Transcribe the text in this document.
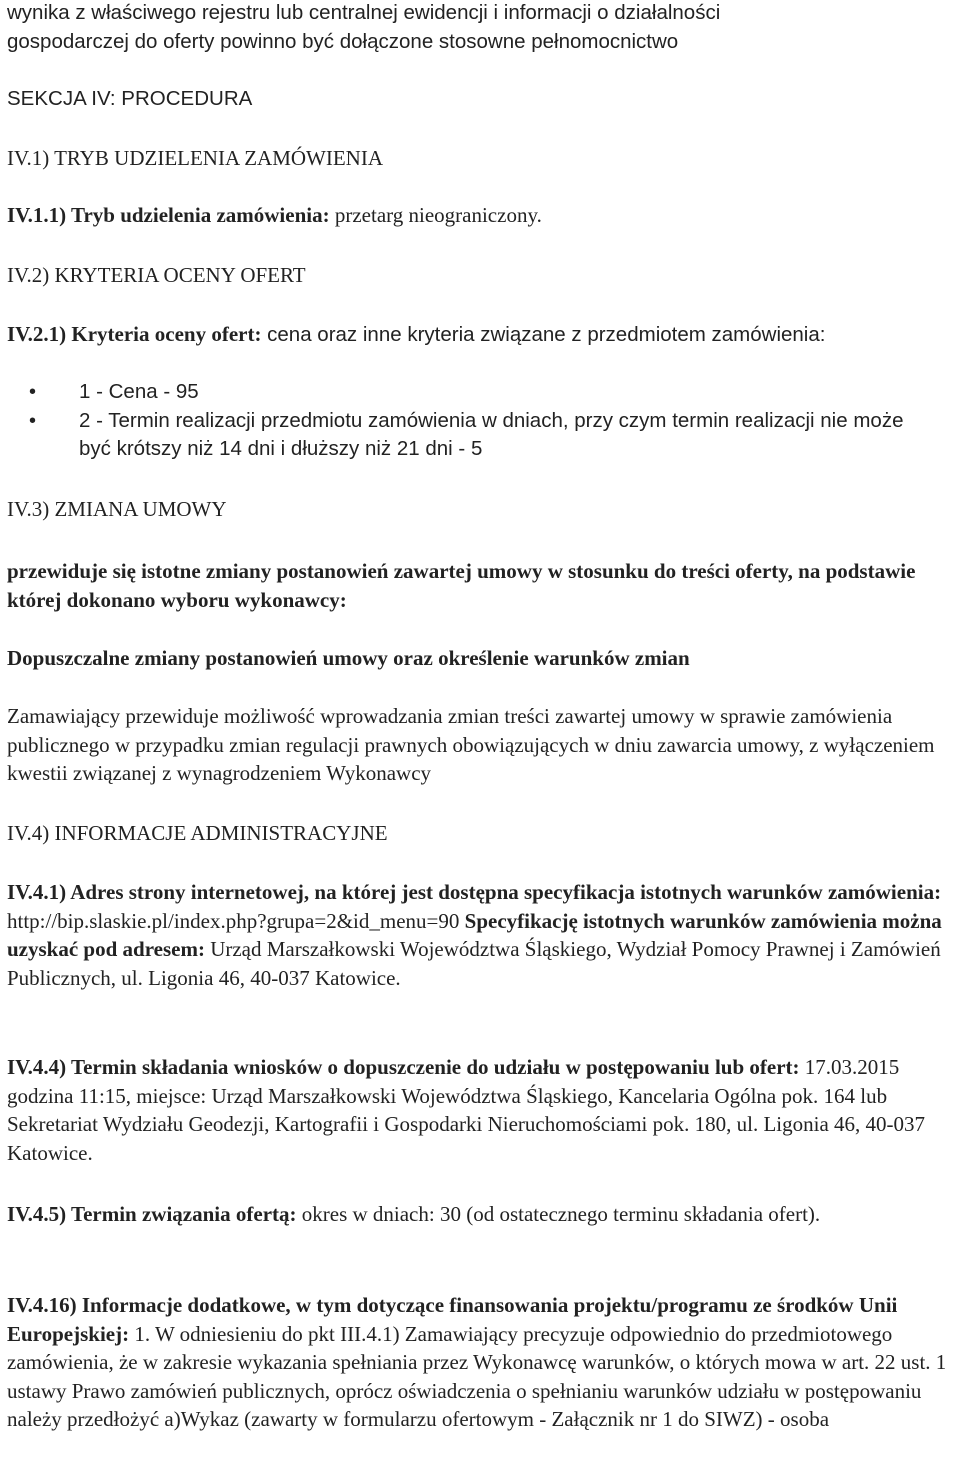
wynika z właściwego rejestru lub centralnej ewidencji i informacji o działalności

gospodarczej do oferty powinno być dołączone stosowne pełnomocnictwo

SEKCJA IV: PROCEDURA

IV.1) TRYB UDZIELENIA ZAMÓWIENIA

IV.1.1) Tryb udzielenia zamówienia: przetarg nieograniczony.

IV.2) KRYTERIA OCENY OFERT

IV.2.1) Kryteria oceny ofert: cena oraz inne kryteria związane z przedmiotem zamówienia:

• 1 - Cena - 95
• 2 - Termin realizacji przedmiotu zamówienia w dniach, przy czym termin realizacji nie może być krótszy niż 14 dni i dłuższy niż 21 dni - 5

IV.3) ZMIANA UMOWY

przewiduje się istotne zmiany postanowień zawartej umowy w stosunku do treści oferty, na podstawie której dokonano wyboru wykonawcy:

Dopuszczalne zmiany postanowień umowy oraz określenie warunków zmian

Zamawiający przewiduje możliwość wprowadzania zmian treści zawartej umowy w sprawie zamówienia publicznego w przypadku zmian regulacji prawnych obowiązujących w dniu zawarcia umowy, z wyłączeniem kwestii związanej z wynagrodzeniem Wykonawcy

IV.4) INFORMACJE ADMINISTRACYJNE

IV.4.1) Adres strony internetowej, na której jest dostępna specyfikacja istotnych warunków zamówienia: http://bip.slaskie.pl/index.php?grupa=2&id_menu=90 Specyfikację istotnych warunków zamówienia można uzyskać pod adresem: Urząd Marszałkowski Województwa Śląskiego, Wydział Pomocy Prawnej i Zamówień Publicznych, ul. Ligonia 46, 40-037 Katowice.

IV.4.4) Termin składania wniosków o dopuszczenie do udziału w postępowaniu lub ofert: 17.03.2015 godzina 11:15, miejsce: Urząd Marszałkowski Województwa Śląskiego, Kancelaria Ogólna pok. 164 lub Sekretariat Wydziału Geodezji, Kartografii i Gospodarki Nieruchomościami pok. 180, ul. Ligonia 46, 40-037 Katowice.

IV.4.5) Termin związania ofertą: okres w dniach: 30 (od ostatecznego terminu składania ofert).

IV.4.16) Informacje dodatkowe, w tym dotyczące finansowania projektu/programu ze środków Unii Europejskiej: 1. W odniesieniu do pkt III.4.1) Zamawiający precyzuje odpowiednio do przedmiotowego zamówienia, że w zakresie wykazania spełniania przez Wykonawcę warunków, o których mowa w art. 22 ust. 1 ustawy Prawo zamówień publicznych, oprócz oświadczenia o spełnianiu warunków udziału w postępowaniu należy przedłożyć a)Wykaz (zawarty w formularzu ofertowym - Załącznik nr 1 do SIWZ) - osoba
